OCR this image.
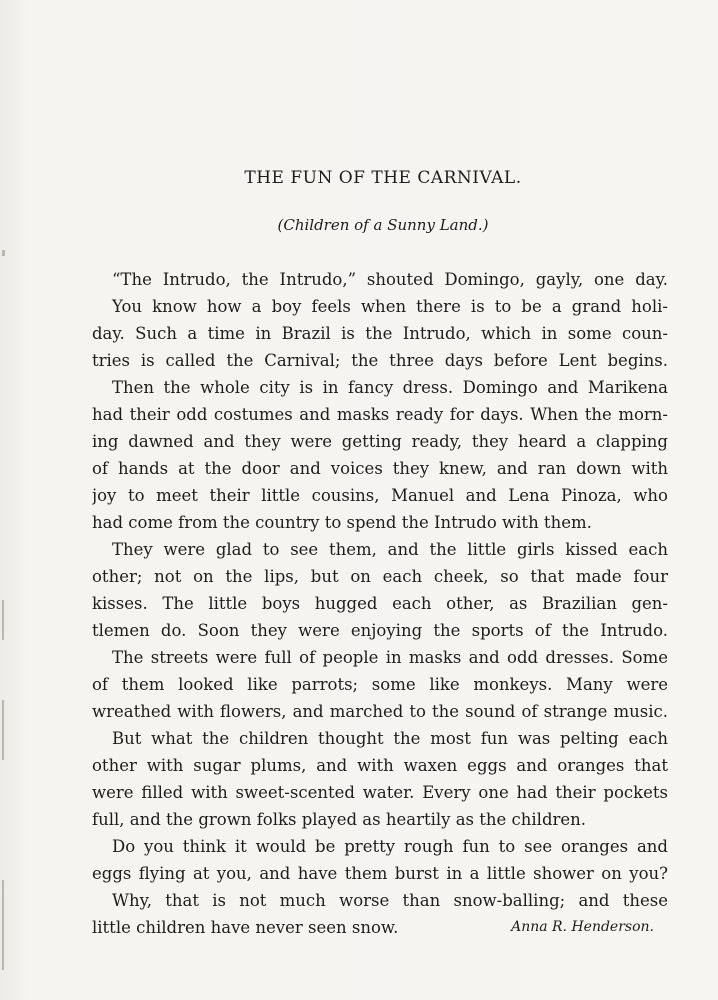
THE FUN OF THE CARNIVAL.

(Children of a Sunny Land.)

“The Intrudo, the Intrudo,” shouted Domingo, gayly, one day.
You know how a boy feels when there is to be a grand holi-
day. Such a time in Brazil is the Intrudo, which in some coun-
tries is called the Carnival; the three days before Lent begins.
Then the whole city is in fancy dress. Domingo and Marikena
had their odd costumes and masks ready for days. When the morn-
ing dawned and they were getting ready, they heard a clapping
of hands at the door and voices they knew, and ran down with
joy to meet their little cousins, Manuel and Lena Pinoza, who
had come from the country to spend the Intrudo with them.
They were glad to see them, and the little girls kissed each
other; not on the lips, but on each cheek, so that made four
kisses. The little boys hugged each other, as Brazilian gen-
tlemen do. Soon they were enjoying the sports of the Intrudo.
The streets were full of people in masks and odd dresses. Some
of them looked like parrots; some like monkeys. Many were
wreathed with flowers, and marched to the sound of strange music.
But what the children thought the most fun was pelting each
other with sugar plums, and with waxen eggs and oranges that
were filled with sweet-scented water. Every one had their pockets
full, and the grown folks played as heartily as the children.
Do you think it would be pretty rough fun to see oranges and
eggs flying at you, and have them burst in a little shower on you?
Why, that is not much worse than snow-balling; and these
little children have never seen snow.	Anna R. Henderson.
